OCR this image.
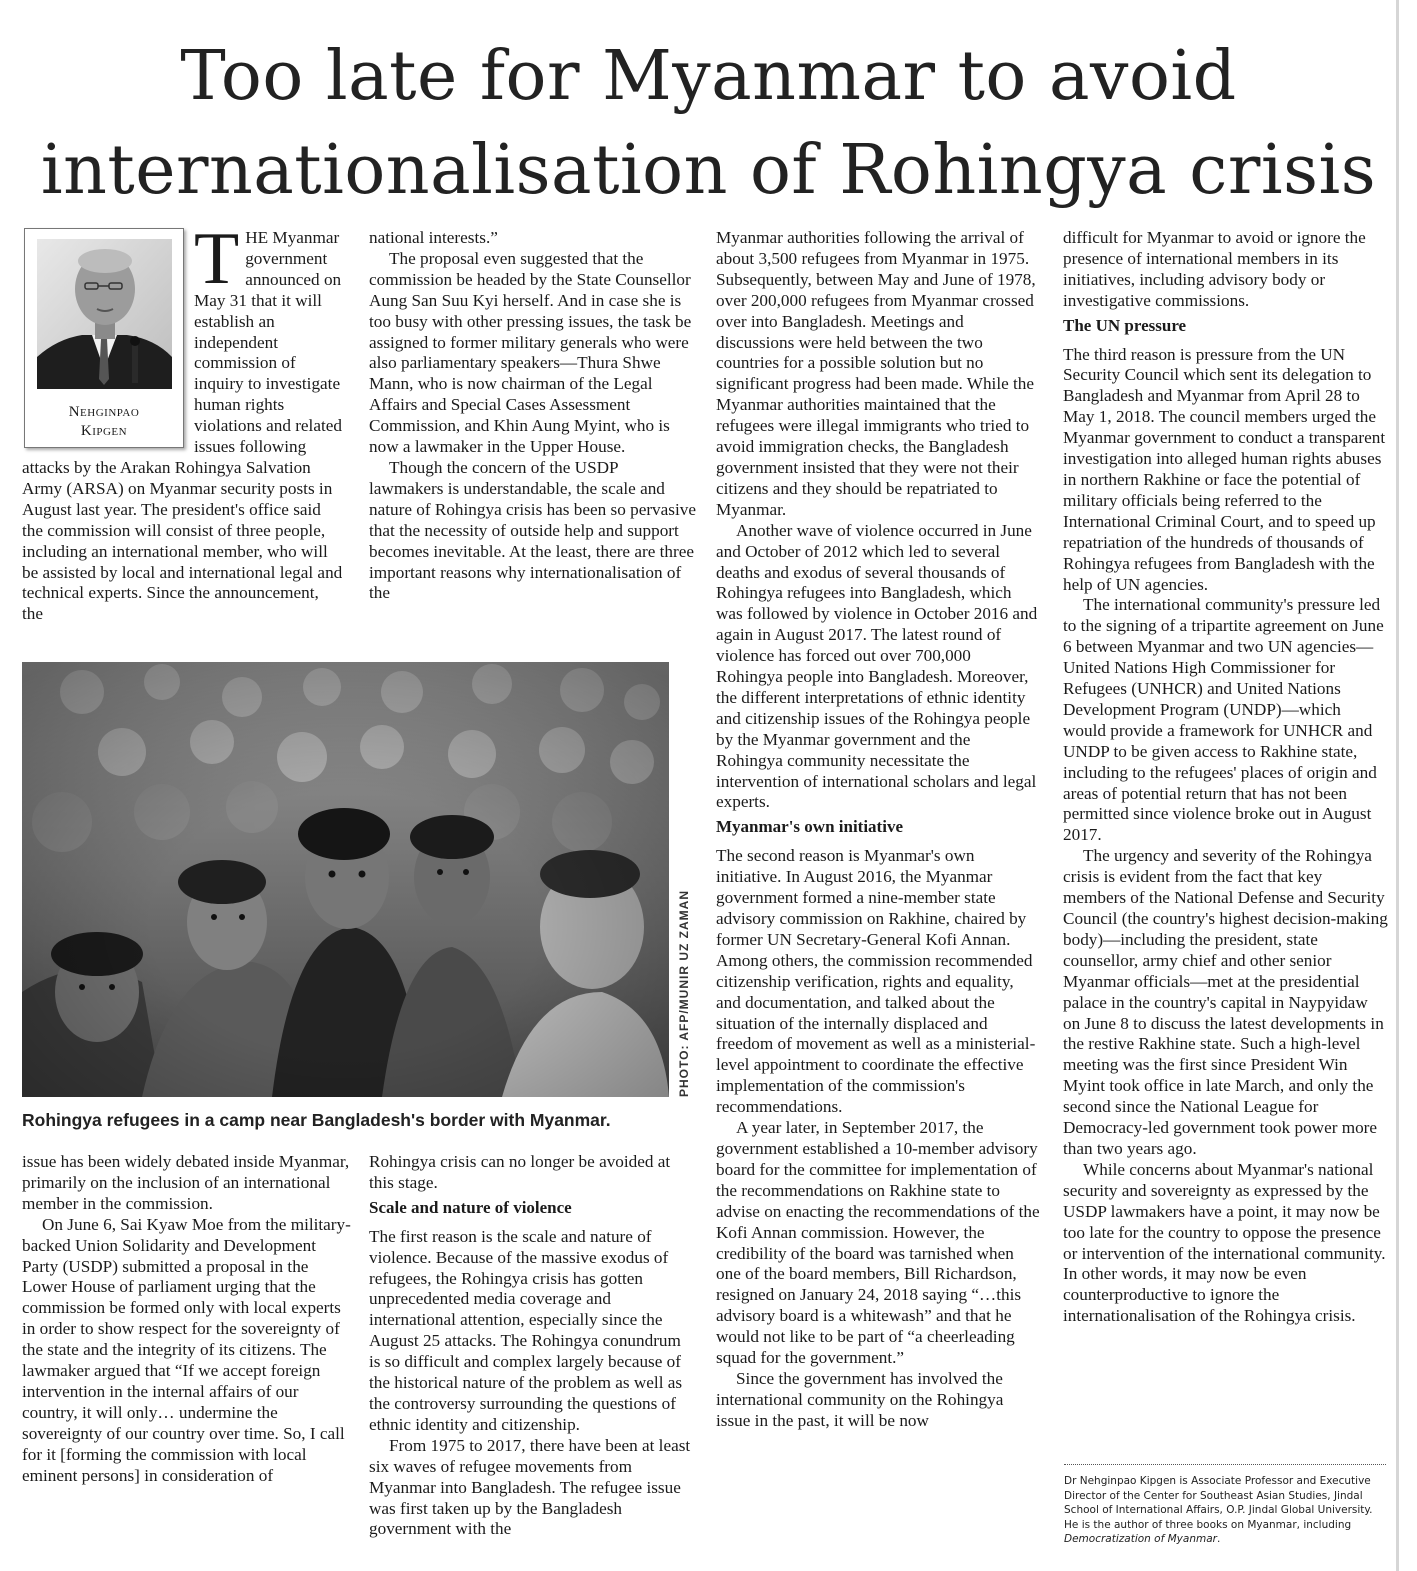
Too late for Myanmar to avoid
internationalisation of Rohingya crisis
Nehginpao
Kipgen
T HE Myanmar government announced on May 31 that it will establish an independent commission of inquiry to investigate human rights violations and related issues following attacks by the Arakan Rohingya Salvation Army (ARSA) on Myanmar security posts in August last year. The president's office said the commission will consist of three people, including an international member, who will be assisted by local and international legal and technical experts. Since the announcement, the

national interests.”

The proposal even suggested that the commission be headed by the State Counsellor Aung San Suu Kyi herself. And in case she is too busy with other pressing issues, the task be assigned to former military generals who were also parliamentary speakers—Thura Shwe Mann, who is now chairman of the Legal Affairs and Special Cases Assessment Commission, and Khin Aung Myint, who is now a lawmaker in the Upper House.

Though the concern of the USDP lawmakers is understandable, the scale and nature of Rohingya crisis has been so pervasive that the necessity of outside help and support becomes inevitable. At the least, there are three important reasons why internationalisation of the

PHOTO: AFP/MUNIR UZ ZAMAN
Rohingya refugees in a camp near Bangladesh's border with Myanmar.

issue has been widely debated inside Myanmar, primarily on the inclusion of an international member in the commission.

On June 6, Sai Kyaw Moe from the military-backed Union Solidarity and Development Party (USDP) submitted a proposal in the Lower House of parliament urging that the commission be formed only with local experts in order to show respect for the sovereignty of the state and the integrity of its citizens. The lawmaker argued that “If we accept foreign intervention in the internal affairs of our country, it will only… undermine the sovereignty of our country over time. So, I call for it [forming the commission with local eminent persons] in consideration of

Rohingya crisis can no longer be avoided at this stage.

Scale and nature of violence

The first reason is the scale and nature of violence. Because of the massive exodus of refugees, the Rohingya crisis has gotten unprecedented media coverage and international attention, especially since the August 25 attacks. The Rohingya conundrum is so difficult and complex largely because of the historical nature of the problem as well as the controversy surrounding the questions of ethnic identity and citizenship.

From 1975 to 2017, there have been at least six waves of refugee movements from Myanmar into Bangladesh. The refugee issue was first taken up by the Bangladesh government with the

Myanmar authorities following the arrival of about 3,500 refugees from Myanmar in 1975. Subsequently, between May and June of 1978, over 200,000 refugees from Myanmar crossed over into Bangladesh. Meetings and discussions were held between the two countries for a possible solution but no significant progress had been made. While the Myanmar authorities maintained that the refugees were illegal immigrants who tried to avoid immigration checks, the Bangladesh government insisted that they were not their citizens and they should be repatriated to Myanmar.

Another wave of violence occurred in June and October of 2012 which led to several deaths and exodus of several thousands of Rohingya refugees into Bangladesh, which was followed by violence in October 2016 and again in August 2017. The latest round of violence has forced out over 700,000 Rohingya people into Bangladesh. Moreover, the different interpretations of ethnic identity and citizenship issues of the Rohingya people by the Myanmar government and the Rohingya community necessitate the intervention of international scholars and legal experts.

Myanmar's own initiative

The second reason is Myanmar's own initiative. In August 2016, the Myanmar government formed a nine-member state advisory commission on Rakhine, chaired by former UN Secretary-General Kofi Annan. Among others, the commission recommended citizenship verification, rights and equality, and documentation, and talked about the situation of the internally displaced and freedom of movement as well as a ministerial-level appointment to coordinate the effective implementation of the commission's recommendations.

A year later, in September 2017, the government established a 10-member advisory board for the committee for implementation of the recommendations on Rakhine state to advise on enacting the recommendations of the Kofi Annan commission. However, the credibility of the board was tarnished when one of the board members, Bill Richardson, resigned on January 24, 2018 saying “…this advisory board is a whitewash” and that he would not like to be part of “a cheerleading squad for the government.”

Since the government has involved the international community on the Rohingya issue in the past, it will be now

difficult for Myanmar to avoid or ignore the presence of international members in its initiatives, including advisory body or investigative commissions.

The UN pressure

The third reason is pressure from the UN Security Council which sent its delegation to Bangladesh and Myanmar from April 28 to May 1, 2018. The council members urged the Myanmar government to conduct a transparent investigation into alleged human rights abuses in northern Rakhine or face the potential of military officials being referred to the International Criminal Court, and to speed up repatriation of the hundreds of thousands of Rohingya refugees from Bangladesh with the help of UN agencies.

The international community's pressure led to the signing of a tripartite agreement on June 6 between Myanmar and two UN agencies—United Nations High Commissioner for Refugees (UNHCR) and United Nations Development Program (UNDP)—which would provide a framework for UNHCR and UNDP to be given access to Rakhine state, including to the refugees' places of origin and areas of potential return that has not been permitted since violence broke out in August 2017.

The urgency and severity of the Rohingya crisis is evident from the fact that key members of the National Defense and Security Council (the country's highest decision-making body)—including the president, state counsellor, army chief and other senior Myanmar officials—met at the presidential palace in the country's capital in Naypyidaw on June 8 to discuss the latest developments in the restive Rakhine state. Such a high-level meeting was the first since President Win Myint took office in late March, and only the second since the National League for Democracy-led government took power more than two years ago.

While concerns about Myanmar's national security and sovereignty as expressed by the USDP lawmakers have a point, it may now be too late for the country to oppose the presence or intervention of the international community. In other words, it may now be even counterproductive to ignore the internationalisation of the Rohingya crisis.

Dr Nehginpao Kipgen is Associate Professor and Executive Director of the Center for Southeast Asian Studies, Jindal School of International Affairs, O.P. Jindal Global University. He is the author of three books on Myanmar, including Democratization of Myanmar.
